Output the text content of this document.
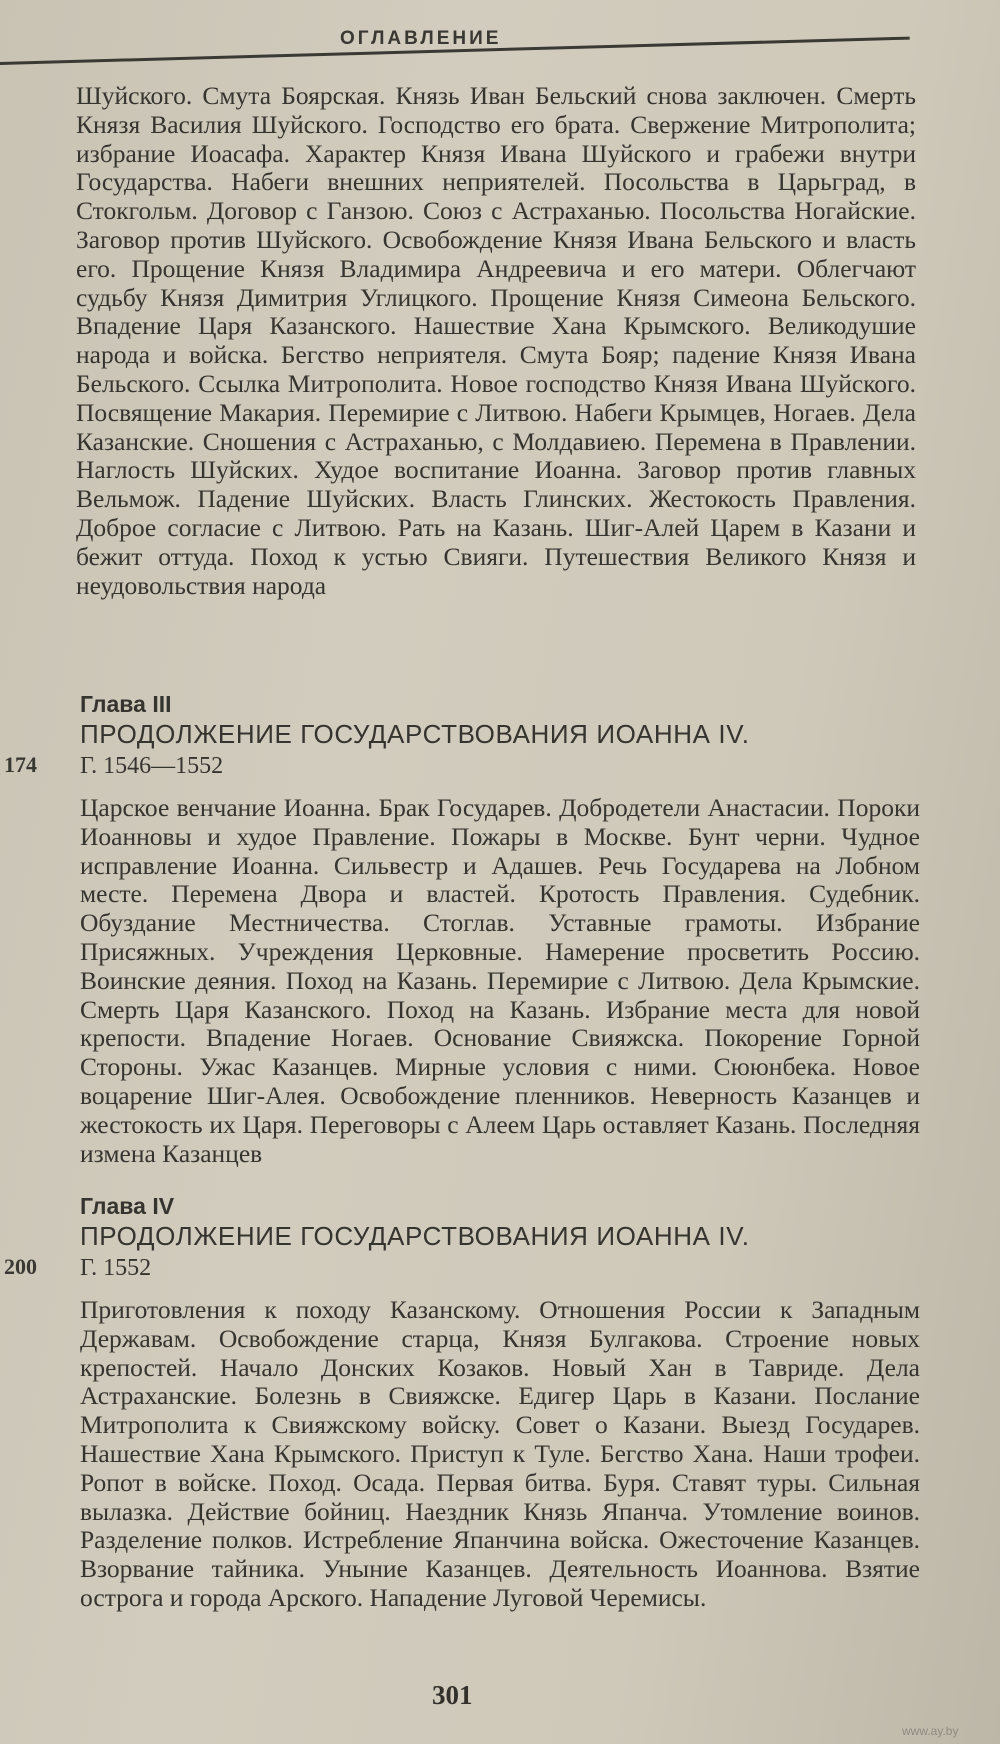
ОГЛАВЛЕНИЕ

Шуйского. Смута Боярская. Князь Иван Бельский снова заключен. Смерть Князя Василия Шуйского. Господство его брата. Свержение Митрополита; избрание Иоасафа. Характер Князя Ивана Шуйского и грабежи внутри Государства. Набеги внешних неприятелей. Посольства в Царьград, в Стокгольм. Договор с Ганзою. Союз с Астраханью. Посольства Ногайские. Заговор против Шуйского. Освобождение Князя Ивана Бельского и власть его. Прощение Князя Владимира Андреевича и его матери. Облегчают судьбу Князя Димитрия Углицкого. Прощение Князя Симеона Бельского. Впадение Царя Казанского. Нашествие Хана Крымского. Великодушие народа и войска. Бегство неприятеля. Смута Бояр; падение Князя Ивана Бельского. Ссылка Митрополита. Новое господство Князя Ивана Шуйского. Посвящение Макария. Перемирие с Литвою. Набеги Крымцев, Ногаев. Дела Казанские. Сношения с Астраханью, с Молдавиею. Перемена в Правлении. Наглость Шуйских. Худое воспитание Иоанна. Заговор против главных Вельмож. Падение Шуйских. Власть Глинских. Жестокость Правления. Доброе согласие с Литвою. Рать на Казань. Шиг-Алей Царем в Казани и бежит оттуда. Поход к устью Свияги. Путешествия Великого Князя и неудовольствия народа

174
Глава III
ПРОДОЛЖЕНИЕ ГОСУДАРСТВОВАНИЯ ИОАННА IV.
Г. 1546—1552

Царское венчание Иоанна. Брак Государев. Добродетели Анастасии. Пороки Иоанновы и худое Правление. Пожары в Москве. Бунт черни. Чудное исправление Иоанна. Сильвестр и Адашев. Речь Государева на Лобном месте. Перемена Двора и властей. Кротость Правления. Судебник. Обуздание Местничества. Стоглав. Уставные грамоты. Избрание Присяжных. Учреждения Церковные. Намерение просветить Россию. Воинские деяния. Поход на Казань. Перемирие с Литвою. Дела Крымские. Смерть Царя Казанского. Поход на Казань. Избрание места для новой крепости. Впадение Ногаев. Основание Свияжска. Покорение Горной Стороны. Ужас Казанцев. Мирные условия с ними. Сююнбека. Новое воцарение Шиг-Алея. Освобождение пленников. Неверность Казанцев и жестокость их Царя. Переговоры с Алеем Царь оставляет Казань. Последняя измена Казанцев

200
Глава IV
ПРОДОЛЖЕНИЕ ГОСУДАРСТВОВАНИЯ ИОАННА IV.
Г. 1552

Приготовления к походу Казанскому. Отношения России к Западным Державам. Освобождение старца, Князя Булгакова. Строение новых крепостей. Начало Донских Козаков. Новый Хан в Тавриде. Дела Астраханские. Болезнь в Свияжске. Едигер Царь в Казани. Послание Митрополита к Свияжскому войску. Совет о Казани. Выезд Государев. Нашествие Хана Крымского. Приступ к Туле. Бегство Хана. Наши трофеи. Ропот в войске. Поход. Осада. Первая битва. Буря. Ставят туры. Сильная вылазка. Действие бойниц. Наездник Князь Япанча. Утомление воинов. Разделение полков. Истребление Япанчина войска. Ожесточение Казанцев. Взорвание тайника. Уныние Казанцев. Деятельность Иоаннова. Взятие острога и города Арского. Нападение Луговой Черемисы.

301
www.ay.by
